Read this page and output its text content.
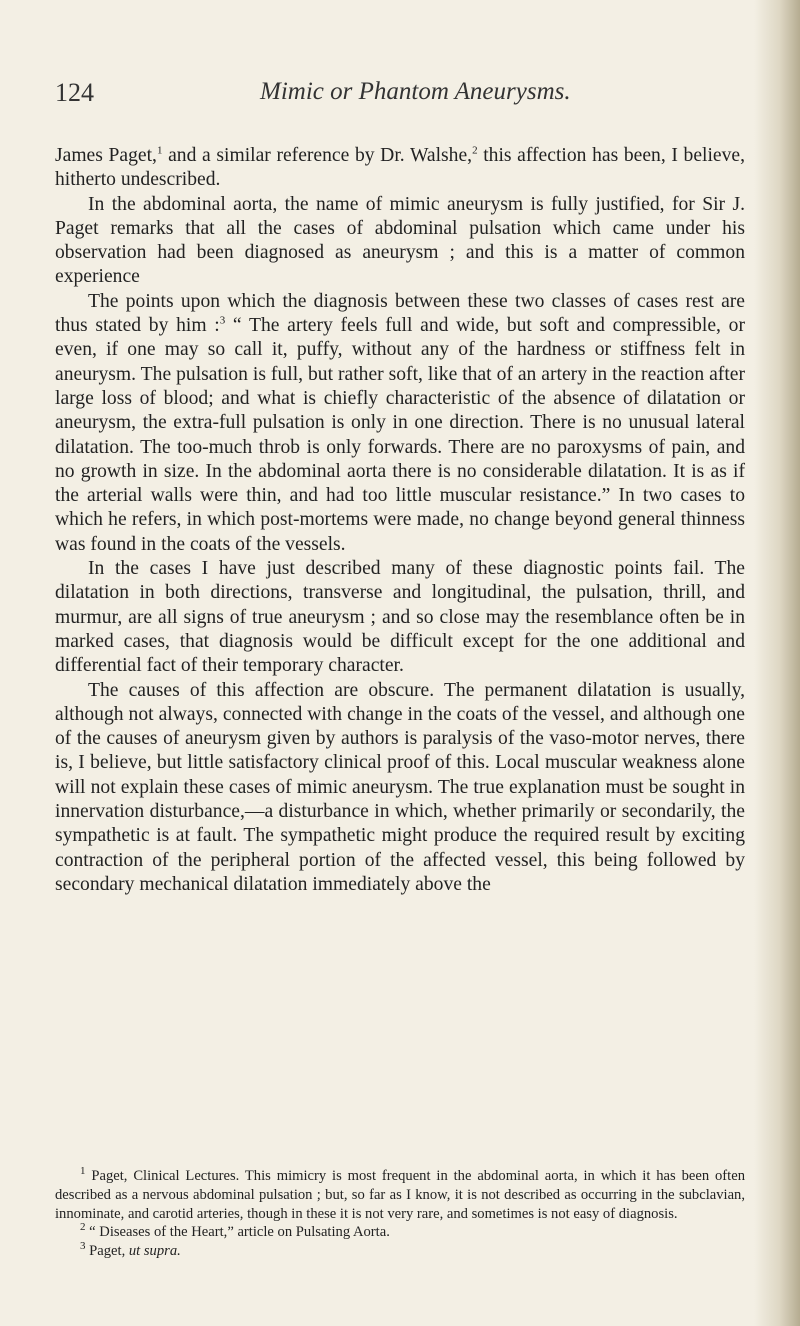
124	Mimic or Phantom Aneurysms.

James Paget,$^1$ and a similar reference by Dr. Walshe,$^2$ this affection has been, I believe, hitherto undescribed.

In the abdominal aorta, the name of mimic aneurysm is fully justified, for Sir J. Paget remarks that all the cases of abdominal pulsation which came under his observation had been diagnosed as aneurysm ; and this is a matter of common experience

The points upon which the diagnosis between these two classes of cases rest are thus stated by him :$^3$ “ The artery feels full and wide, but soft and compressible, or even, if one may so call it, puffy, without any of the hardness or stiffness felt in aneurysm. The pulsation is full, but rather soft, like that of an artery in the reaction after large loss of blood; and what is chiefly characteristic of the absence of dilatation or aneurysm, the extra-full pulsation is only in one direction. There is no unusual lateral dilatation. The too-much throb is only forwards. There are no paroxysms of pain, and no growth in size. In the abdominal aorta there is no considerable dilatation. It is as if the arterial walls were thin, and had too little muscular resistance.” In two cases to which he refers, in which post-mortems were made, no change beyond general thinness was found in the coats of the vessels.

In the cases I have just described many of these diagnostic points fail. The dilatation in both directions, transverse and longitudinal, the pulsation, thrill, and murmur, are all signs of true aneurysm ; and so close may the resemblance often be in marked cases, that diagnosis would be difficult except for the one additional and differential fact of their temporary character.

The causes of this affection are obscure. The permanent dilatation is usually, although not always, connected with change in the coats of the vessel, and although one of the causes of aneurysm given by authors is paralysis of the vaso-motor nerves, there is, I believe, but little satisfactory clinical proof of this. Local muscular weakness alone will not explain these cases of mimic aneurysm. The true explanation must be sought in innervation disturbance,—a disturbance in which, whether primarily or secondarily, the sympathetic is at fault. The sympathetic might produce the required result by exciting contraction of the peripheral portion of the affected vessel, this being followed by secondary mechanical dilatation immediately above the

$^1$ Paget, Clinical Lectures. This mimicry is most frequent in the abdominal aorta, in which it has been often described as a nervous abdominal pulsation ; but, so far as I know, it is not described as occurring in the subclavian, innominate, and carotid arteries, though in these it is not very rare, and sometimes is not easy of diagnosis.

$^2$ “ Diseases of the Heart,” article on Pulsating Aorta.

$^3$ Paget, ut supra.
